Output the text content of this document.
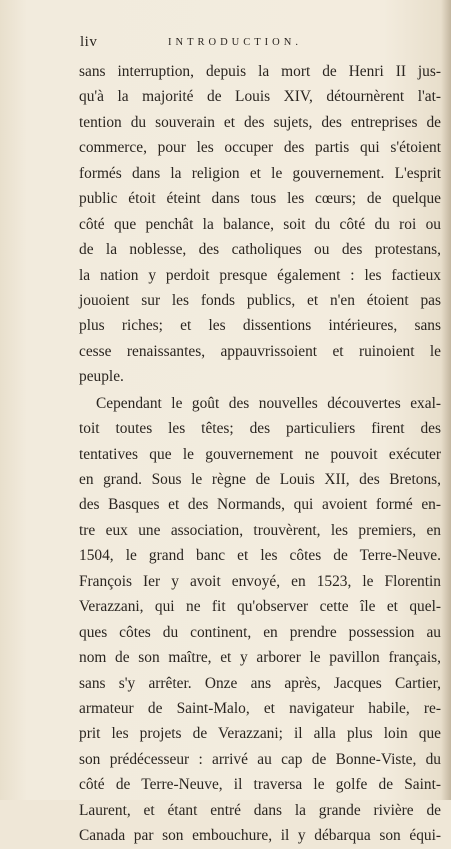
liv	INTRODUCTION.
sans interruption, depuis la mort de Henri II jus-
qu'à la majorité de Louis XIV, détournèrent l'at-
tention du souverain et des sujets, des entreprises de
commerce, pour les occuper des partis qui s'étoient
formés dans la religion et le gouvernement. L'esprit
public étoit éteint dans tous les cœurs; de quelque
côté que penchât la balance, soit du côté du roi ou
de la noblesse, des catholiques ou des protestans,
la nation y perdoit presque également : les factieux
jouoient sur les fonds publics, et n'en étoient pas
plus riches; et les dissentions intérieures, sans
cesse renaissantes, appauvrissoient et ruinoient le
peuple.
Cependant le goût des nouvelles découvertes exal-
toit toutes les têtes; des particuliers firent des
tentatives que le gouvernement ne pouvoit exécuter
en grand. Sous le règne de Louis XII, des Bretons,
des Basques et des Normands, qui avoient formé en-
tre eux une association, trouvèrent, les premiers, en
1504, le grand banc et les côtes de Terre-Neuve.
François Ier y avoit envoyé, en 1523, le Florentin
Verazzani, qui ne fit qu'observer cette île et quel-
ques côtes du continent, en prendre possession au
nom de son maître, et y arborer le pavillon français,
sans s'y arrêter. Onze ans après, Jacques Cartier,
armateur de Saint-Malo, et navigateur habile, re-
prit les projets de Verazzani; il alla plus loin que
son prédécesseur : arrivé au cap de Bonne-Viste, du
côté de Terre-Neuve, il traversa le golfe de Saint-
Laurent, et étant entré dans la grande rivière de
Canada par son embouchure, il y débarqua son équi-
